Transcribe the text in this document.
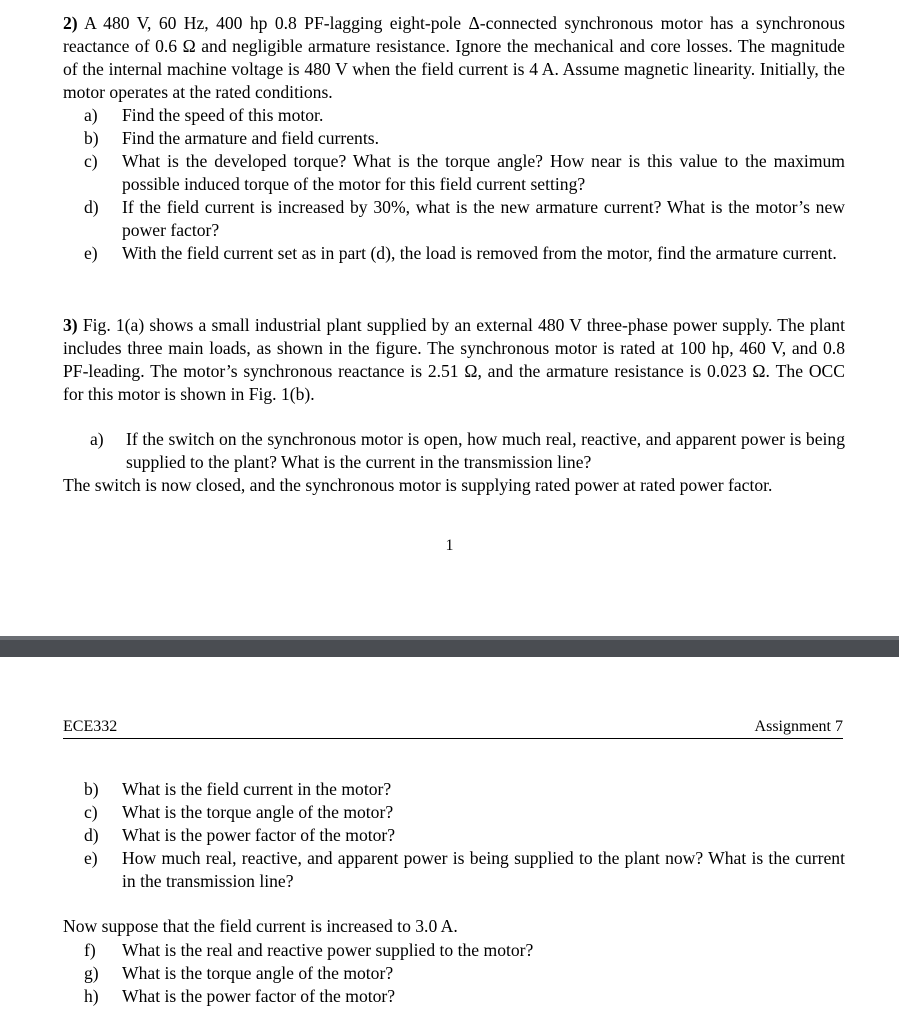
2) A 480 V, 60 Hz, 400 hp 0.8 PF-lagging eight-pole Δ-connected synchronous motor has a synchronous reactance of 0.6 Ω and negligible armature resistance. Ignore the mechanical and core losses. The magnitude of the internal machine voltage is 480 V when the field current is 4 A. Assume magnetic linearity. Initially, the motor operates at the rated conditions.
a) Find the speed of this motor.
b) Find the armature and field currents.
c) What is the developed torque? What is the torque angle? How near is this value to the maximum possible induced torque of the motor for this field current setting?
d) If the field current is increased by 30%, what is the new armature current? What is the motor’s new power factor?
e) With the field current set as in part (d), the load is removed from the motor, find the armature current.
3) Fig. 1(a) shows a small industrial plant supplied by an external 480 V three-phase power supply. The plant includes three main loads, as shown in the figure. The synchronous motor is rated at 100 hp, 460 V, and 0.8 PF-leading. The motor’s synchronous reactance is 2.51 Ω, and the armature resistance is 0.023 Ω. The OCC for this motor is shown in Fig. 1(b).
a) If the switch on the synchronous motor is open, how much real, reactive, and apparent power is being supplied to the plant? What is the current in the transmission line?
The switch is now closed, and the synchronous motor is supplying rated power at rated power factor.
1
ECE332	Assignment 7
b) What is the field current in the motor?
c) What is the torque angle of the motor?
d) What is the power factor of the motor?
e) How much real, reactive, and apparent power is being supplied to the plant now? What is the current in the transmission line?
Now suppose that the field current is increased to 3.0 A.
f) What is the real and reactive power supplied to the motor?
g) What is the torque angle of the motor?
h) What is the power factor of the motor?
